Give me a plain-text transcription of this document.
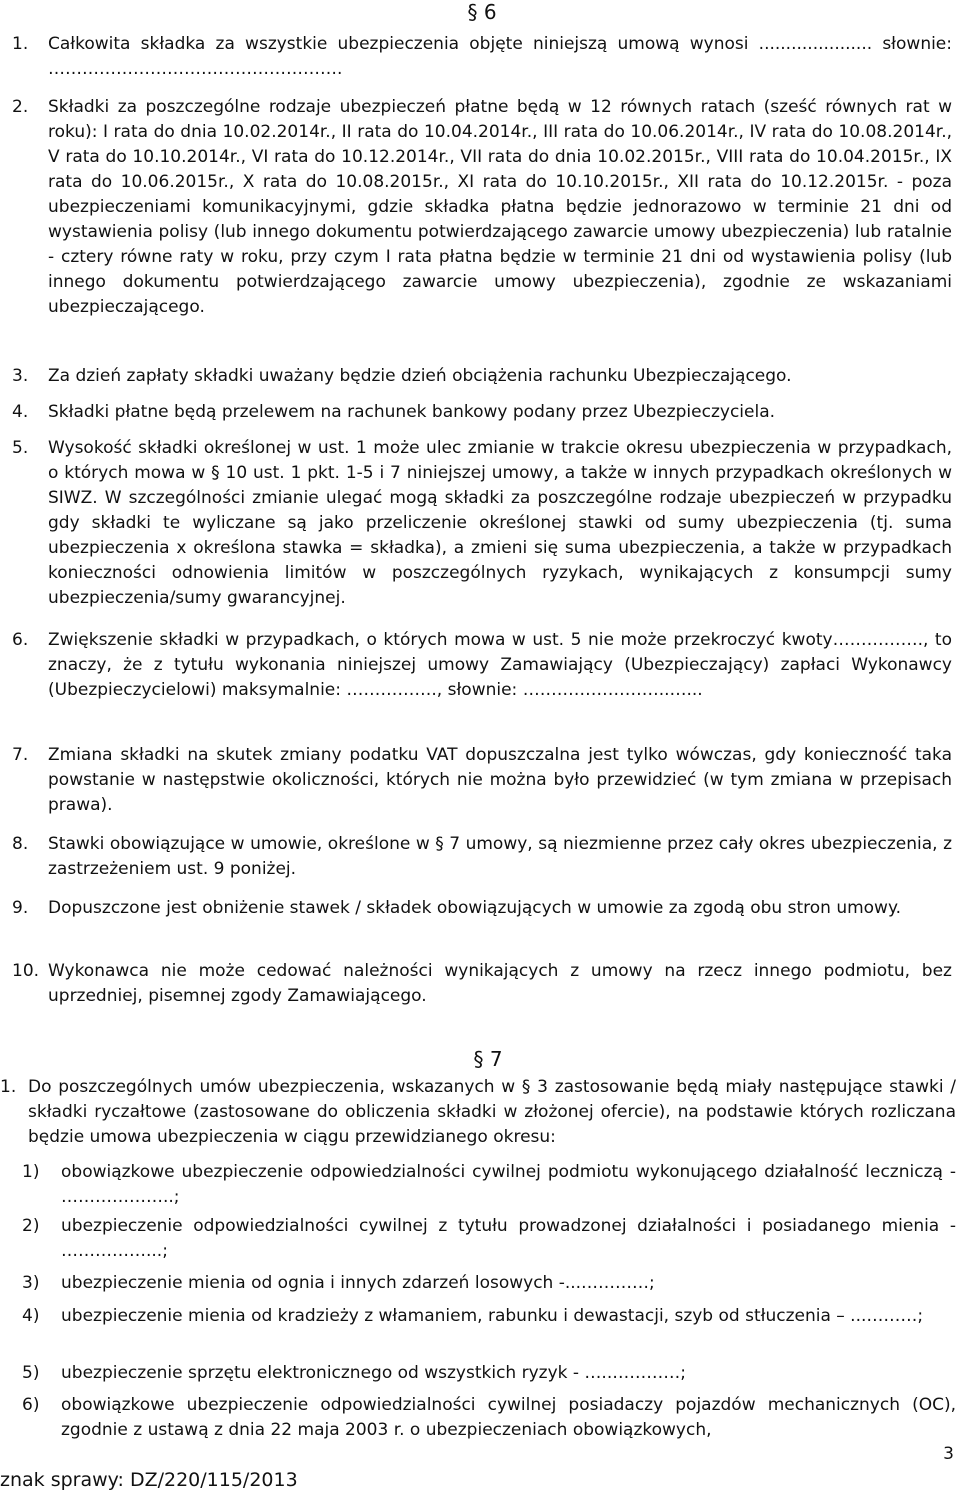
§ 6
1. Całkowita składka za wszystkie ubezpieczenia objęte niniejszą umową wynosi ..................... słownie: …………………………………………….
2. Składki za poszczególne rodzaje ubezpieczeń płatne będą w 12 równych ratach (sześć równych rat w roku): I rata do dnia 10.02.2014r., II rata do 10.04.2014r., III rata do 10.06.2014r., IV rata do 10.08.2014r., V rata do 10.10.2014r., VI rata do 10.12.2014r., VII rata do dnia 10.02.2015r., VIII rata do 10.04.2015r., IX rata do 10.06.2015r., X rata do 10.08.2015r., XI rata do 10.10.2015r., XII rata do 10.12.2015r. - poza ubezpieczeniami komunikacyjnymi, gdzie składka płatna będzie jednorazowo w terminie 21 dni od wystawienia polisy (lub innego dokumentu potwierdzającego zawarcie umowy ubezpieczenia) lub ratalnie - cztery równe raty w roku, przy czym I rata płatna będzie w terminie 21 dni od wystawienia polisy (lub innego dokumentu potwierdzającego zawarcie umowy ubezpieczenia), zgodnie ze wskazaniami ubezpieczającego.
3. Za dzień zapłaty składki uważany będzie dzień obciążenia rachunku Ubezpieczającego.
4. Składki płatne będą przelewem na rachunek bankowy podany przez Ubezpieczyciela.
5. Wysokość składki określonej w ust. 1 może ulec zmianie w trakcie okresu ubezpieczenia w przypadkach, o których mowa w § 10 ust. 1 pkt. 1-5 i 7 niniejszej umowy, a także w innych przypadkach określonych w SIWZ. W szczególności zmianie ulegać mogą składki za poszczególne rodzaje ubezpieczeń w przypadku gdy składki te wyliczane są jako przeliczenie określonej stawki od sumy ubezpieczenia (tj. suma ubezpieczenia x określona stawka = składka), a zmieni się suma ubezpieczenia, a także w przypadkach konieczności odnowienia limitów w poszczególnych ryzykach, wynikających z konsumpcji sumy ubezpieczenia/sumy gwarancyjnej.
6. Zwiększenie składki w przypadkach, o których mowa w ust. 5 nie może przekroczyć kwoty……………., to znaczy, że z tytułu wykonania niniejszej umowy Zamawiający (Ubezpieczający) zapłaci Wykonawcy (Ubezpieczycielowi) maksymalnie: ……………., słownie: ……………………..…...
7. Zmiana składki na skutek zmiany podatku VAT dopuszczalna jest tylko wówczas, gdy konieczność taka powstanie w następstwie okoliczności, których nie można było przewidzieć (w tym zmiana w przepisach prawa).
8. Stawki obowiązujące w umowie, określone w § 7 umowy, są niezmienne przez cały okres ubezpieczenia, z zastrzeżeniem ust. 9 poniżej.
9. Dopuszczone jest obniżenie stawek / składek obowiązujących w umowie za zgodą obu stron umowy.
10. Wykonawca nie może cedować należności wynikających z umowy na rzecz innego podmiotu, bez uprzedniej, pisemnej zgody Zamawiającego.
§ 7
1. Do poszczególnych umów ubezpieczenia, wskazanych w § 3 zastosowanie będą miały następujące stawki / składki ryczałtowe (zastosowane do obliczenia składki w złożonej ofercie), na podstawie których rozliczana będzie umowa ubezpieczenia w ciągu przewidzianego okresu:
1) obowiązkowe ubezpieczenie odpowiedzialności cywilnej podmiotu wykonującego działalność leczniczą - ………………..;
2) ubezpieczenie odpowiedzialności cywilnej z tytułu prowadzonej działalności i posiadanego mienia - ……………...;
3) ubezpieczenie mienia od ognia i innych zdarzeń losowych -...…………;
4) ubezpieczenie mienia od kradzieży z włamaniem, rabunku i dewastacji, szyb od stłuczenia – ...………;
5) ubezpieczenie sprzętu elektronicznego od wszystkich ryzyk - …..…………;
6) obowiązkowe ubezpieczenie odpowiedzialności cywilnej posiadaczy pojazdów mechanicznych (OC), zgodnie z ustawą z dnia 22 maja 2003 r. o ubezpieczeniach obowiązkowych,
3
znak sprawy: DZ/220/115/2013
